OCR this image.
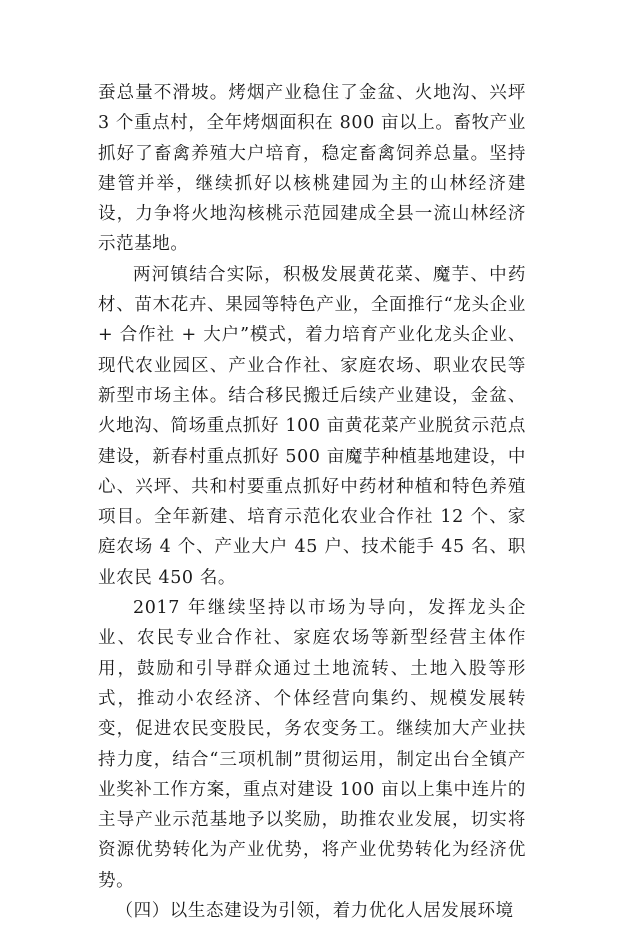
蚕总量不滑坡。烤烟产业稳住了金盆、火地沟、兴坪 3 个重点村，全年烤烟面积在 800 亩以上。畜牧产业抓好了畜禽养殖大户培育，稳定畜禽饲养总量。坚持建管并举，继续抓好以核桃建园为主的山林经济建设，力争将火地沟核桃示范园建成全县一流山林经济示范基地。

两河镇结合实际，积极发展黄花菜、魔芋、中药材、苗木花卉、果园等特色产业，全面推行“龙头企业 + 合作社 + 大户”模式，着力培育产业化龙头企业、现代农业园区、产业合作社、家庭农场、职业农民等新型市场主体。结合移民搬迁后续产业建设，金盆、火地沟、简场重点抓好 100 亩黄花菜产业脱贫示范点建设，新春村重点抓好 500 亩魔芋种植基地建设，中心、兴坪、共和村要重点抓好中药材种植和特色养殖项目。全年新建、培育示范化农业合作社 12 个、家庭农场 4 个、产业大户 45 户、技术能手 45 名、职业农民 450 名。

2017 年继续坚持以市场为导向，发挥龙头企业、农民专业合作社、家庭农场等新型经营主体作用，鼓励和引导群众通过土地流转、土地入股等形式，推动小农经济、个体经营向集约、规模发展转变，促进农民变股民，务农变务工。继续加大产业扶持力度，结合“三项机制”贯彻运用，制定出台全镇产业奖补工作方案，重点对建设 100 亩以上集中连片的主导产业示范基地予以奖励，助推农业发展，切实将资源优势转化为产业优势，将产业优势转化为经济优势。

（四）以生态建设为引领，着力优化人居发展环境
